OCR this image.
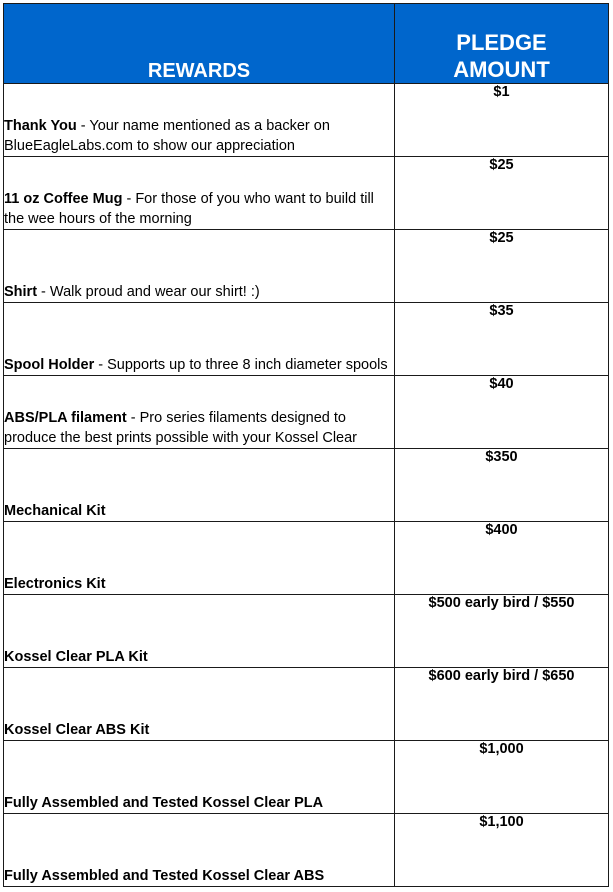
REWARDS	PLEDGE
AMOUNT
Thank You - Your name mentioned as a backer on BlueEagleLabs.com to show our appreciation	$1
11 oz Coffee Mug - For those of you who want to build till the wee hours of the morning	$25
Shirt - Walk proud and wear our shirt! :)	$25
Spool Holder - Supports up to three 8 inch diameter spools	$35
ABS/PLA filament - Pro series filaments designed to produce the best prints possible with your Kossel Clear	$40
Mechanical Kit	$350
Electronics Kit	$400
Kossel Clear PLA Kit	$500 early bird / $550
Kossel Clear ABS Kit	$600 early bird / $650
Fully Assembled and Tested Kossel Clear PLA	$1,000
Fully Assembled and Tested Kossel Clear ABS	$1,100
